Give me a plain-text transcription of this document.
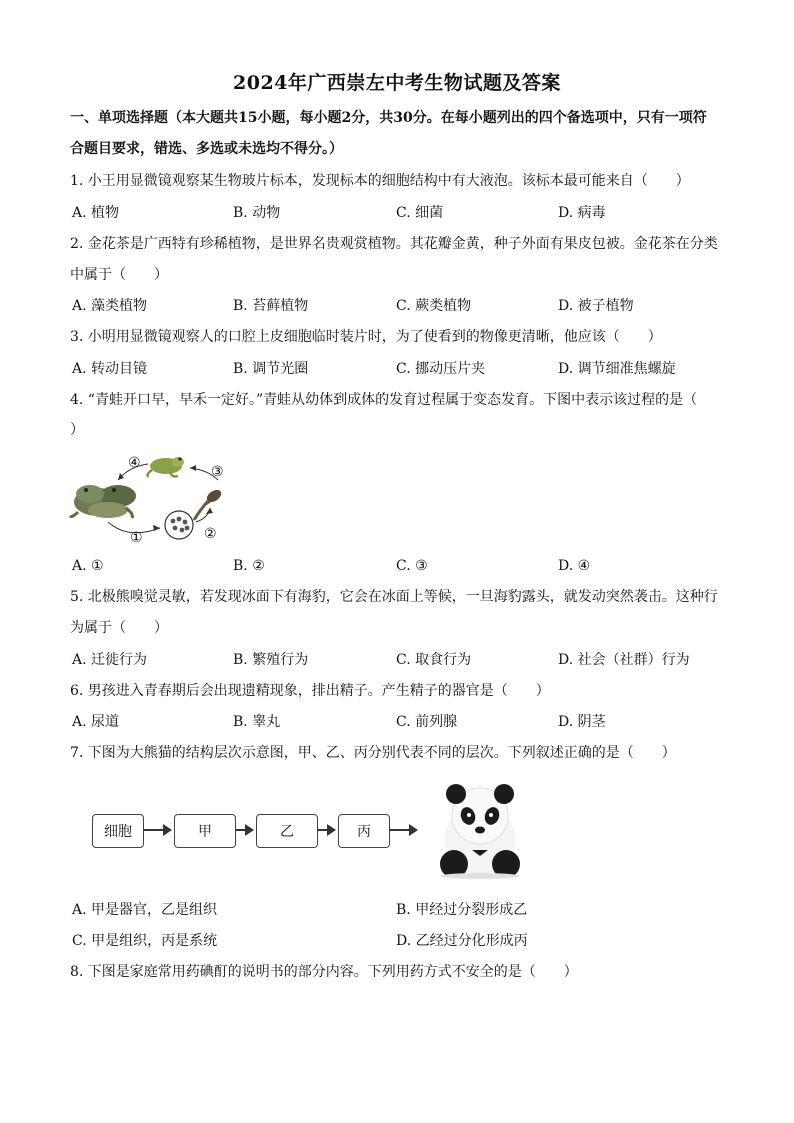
2024年广西崇左中考生物试题及答案
一、单项选择题（本大题共15小题，每小题2分，共30分。在每小题列出的四个备选项中，只有一项符
合题目要求，错选、多选或未选均不得分。）
1. 小王用显微镜观察某生物玻片标本，发现标本的细胞结构中有大液泡。该标本最可能来自（　　）
A. 植物	B. 动物	C. 细菌	D. 病毒
2. 金花茶是广西特有珍稀植物，是世界名贵观赏植物。其花瓣金黄，种子外面有果皮包被。金花茶在分类
中属于（　　）
A. 藻类植物	B. 苔藓植物	C. 蕨类植物	D. 被子植物
3. 小明用显微镜观察人的口腔上皮细胞临时装片时，为了使看到的物像更清晰，他应该（　　）
A. 转动目镜	B. 调节光圈	C. 挪动压片夹	D. 调节细准焦螺旋
4. “青蛙开口早，早禾一定好。”青蛙从幼体到成体的发育过程属于变态发育。下图中表示该过程的是（
）
④
③
①	②
A. ①	B. ②	C. ③	D. ④
5. 北极熊嗅觉灵敏，若发现冰面下有海豹，它会在冰面上等候，一旦海豹露头，就发动突然袭击。这种行
为属于（　　）
A. 迁徙行为	B. 繁殖行为	C. 取食行为	D. 社会（社群）行为
6. 男孩进入青春期后会出现遗精现象，排出精子。产生精子的器官是（　　）
A. 尿道	B. 睾丸	C. 前列腺	D. 阴茎
7. 下图为大熊猫的结构层次示意图，甲、乙、丙分别代表不同的层次。下列叙述正确的是（　　）
细胞	甲	乙	丙
A. 甲是器官，乙是组织	B. 甲经过分裂形成乙
C. 甲是组织，丙是系统	D. 乙经过分化形成丙
8. 下图是家庭常用药碘酊的说明书的部分内容。下列用药方式不安全的是（　　）
